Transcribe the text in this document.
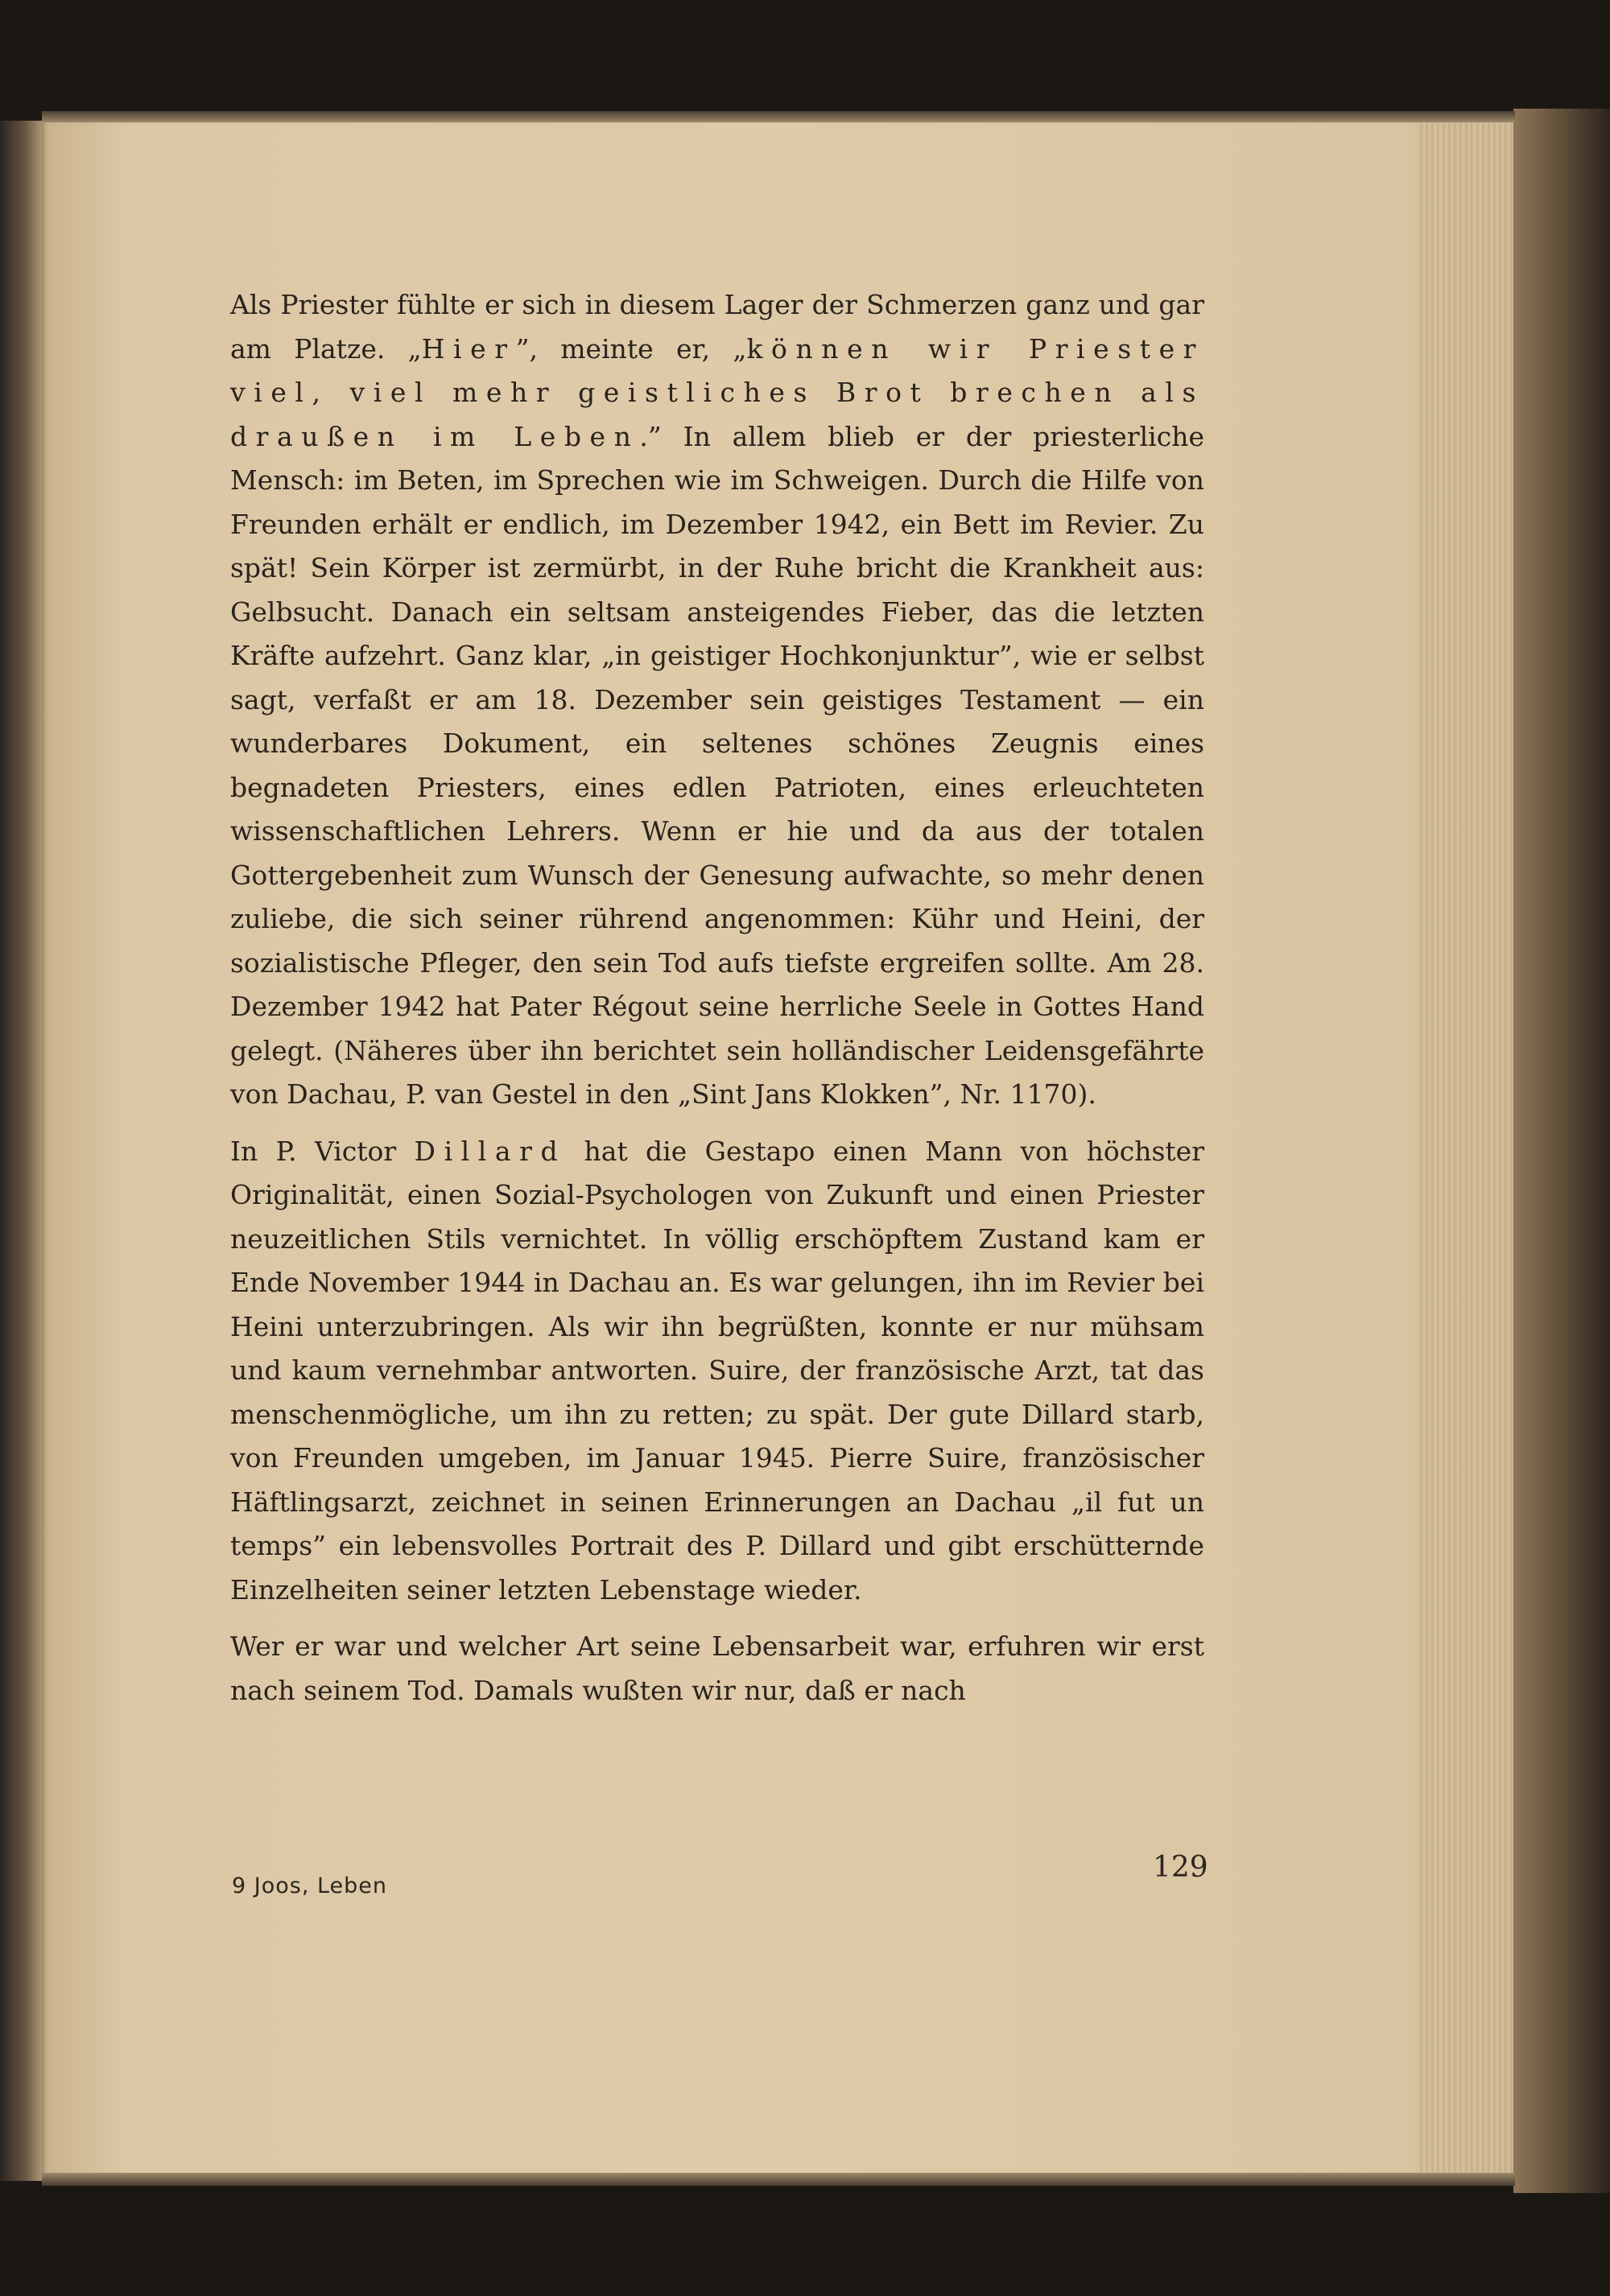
Als Priester fühlte er sich in diesem Lager der Schmerzen ganz und gar am Platze. „Hier”, meinte er, „können wir Priester viel, viel mehr geistliches Brot brechen als draußen im Leben.” In allem blieb er der priesterliche Mensch: im Beten, im Sprechen wie im Schweigen. Durch die Hilfe von Freunden erhält er endlich, im Dezember 1942, ein Bett im Revier. Zu spät! Sein Körper ist zermürbt, in der Ruhe bricht die Krankheit aus: Gelbsucht. Danach ein seltsam ansteigendes Fieber, das die letzten Kräfte aufzehrt. Ganz klar, „in geistiger Hochkonjunktur”, wie er selbst sagt, verfaßt er am 18. Dezember sein geistiges Testament — ein wunderbares Dokument, ein seltenes schönes Zeugnis eines begnadeten Priesters, eines edlen Patrioten, eines erleuchteten wissenschaftlichen Lehrers. Wenn er hie und da aus der totalen Gottergebenheit zum Wunsch der Genesung aufwachte, so mehr denen zuliebe, die sich seiner rührend angenommen: Kühr und Heini, der sozialistische Pfleger, den sein Tod aufs tiefste ergreifen sollte. Am 28. Dezember 1942 hat Pater Régout seine herrliche Seele in Gottes Hand gelegt. (Näheres über ihn berichtet sein holländischer Leidensgefährte von Dachau, P. van Gestel in den „Sint Jans Klokken”, Nr. 1170).

In P. Victor Dillard hat die Gestapo einen Mann von höchster Originalität, einen Sozial-Psychologen von Zukunft und einen Priester neuzeitlichen Stils vernichtet. In völlig erschöpftem Zustand kam er Ende November 1944 in Dachau an. Es war gelungen, ihn im Revier bei Heini unterzubringen. Als wir ihn begrüßten, konnte er nur mühsam und kaum vernehmbar antworten. Suire, der französische Arzt, tat das menschenmögliche, um ihn zu retten; zu spät. Der gute Dillard starb, von Freunden umgeben, im Januar 1945. Pierre Suire, französischer Häftlingsarzt, zeichnet in seinen Erinnerungen an Dachau „il fut un temps” ein lebensvolles Portrait des P. Dillard und gibt erschütternde Einzelheiten seiner letzten Lebenstage wieder.

Wer er war und welcher Art seine Lebensarbeit war, erfuhren wir erst nach seinem Tod. Damals wußten wir nur, daß er nach

9 Joos, Leben
129
